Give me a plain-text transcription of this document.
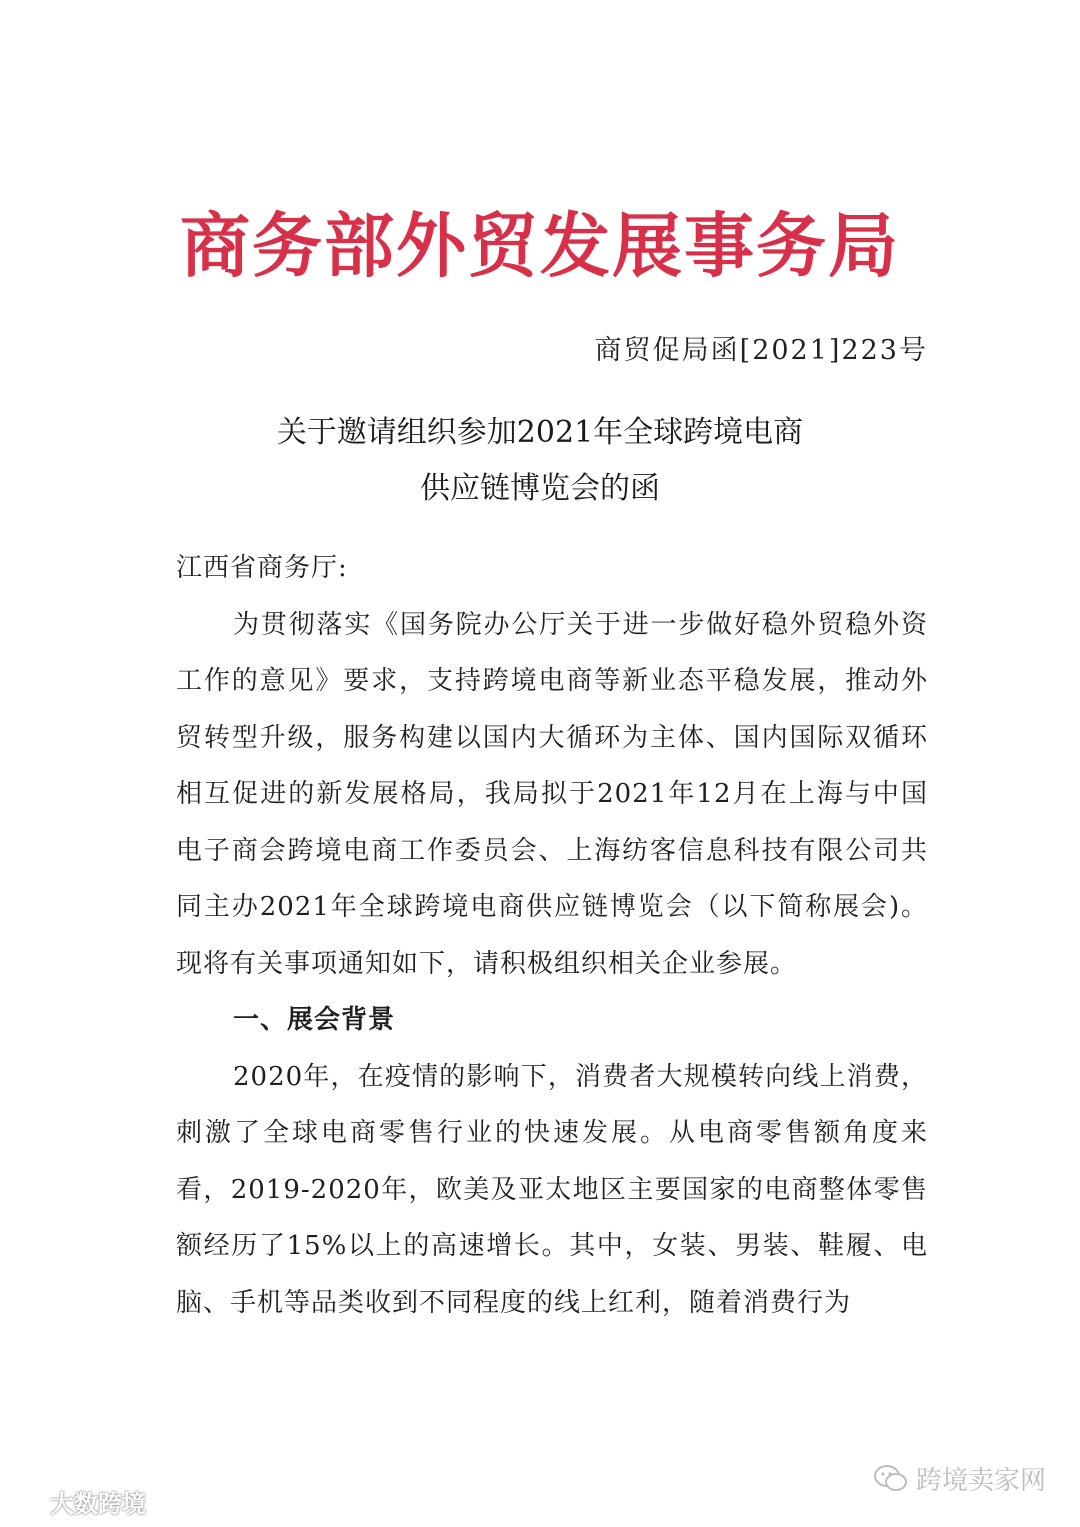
商务部外贸发展事务局
商贸促局函[2021]223号
关于邀请组织参加2021年全球跨境电商
供应链博览会的函

江西省商务厅:

为贯彻落实《国务院办公厅关于进一步做好稳外贸稳外资工作的意见》要求，支持跨境电商等新业态平稳发展，推动外贸转型升级，服务构建以国内大循环为主体、国内国际双循环相互促进的新发展格局，我局拟于2021年12月在上海与中国电子商会跨境电商工作委员会、上海纺客信息科技有限公司共同主办2021年全球跨境电商供应链博览会（以下简称展会)。现将有关事项通知如下，请积极组织相关企业参展。

一、展会背景

2020年，在疫情的影响下，消费者大规模转向线上消费，刺激了全球电商零售行业的快速发展。从电商零售额角度来看，2019-2020年，欧美及亚太地区主要国家的电商整体零售额经历了15%以上的高速增长。其中，女装、男装、鞋履、电脑、手机等品类收到不同程度的线上红利，随着消费行为

跨境卖家网
大数跨境
